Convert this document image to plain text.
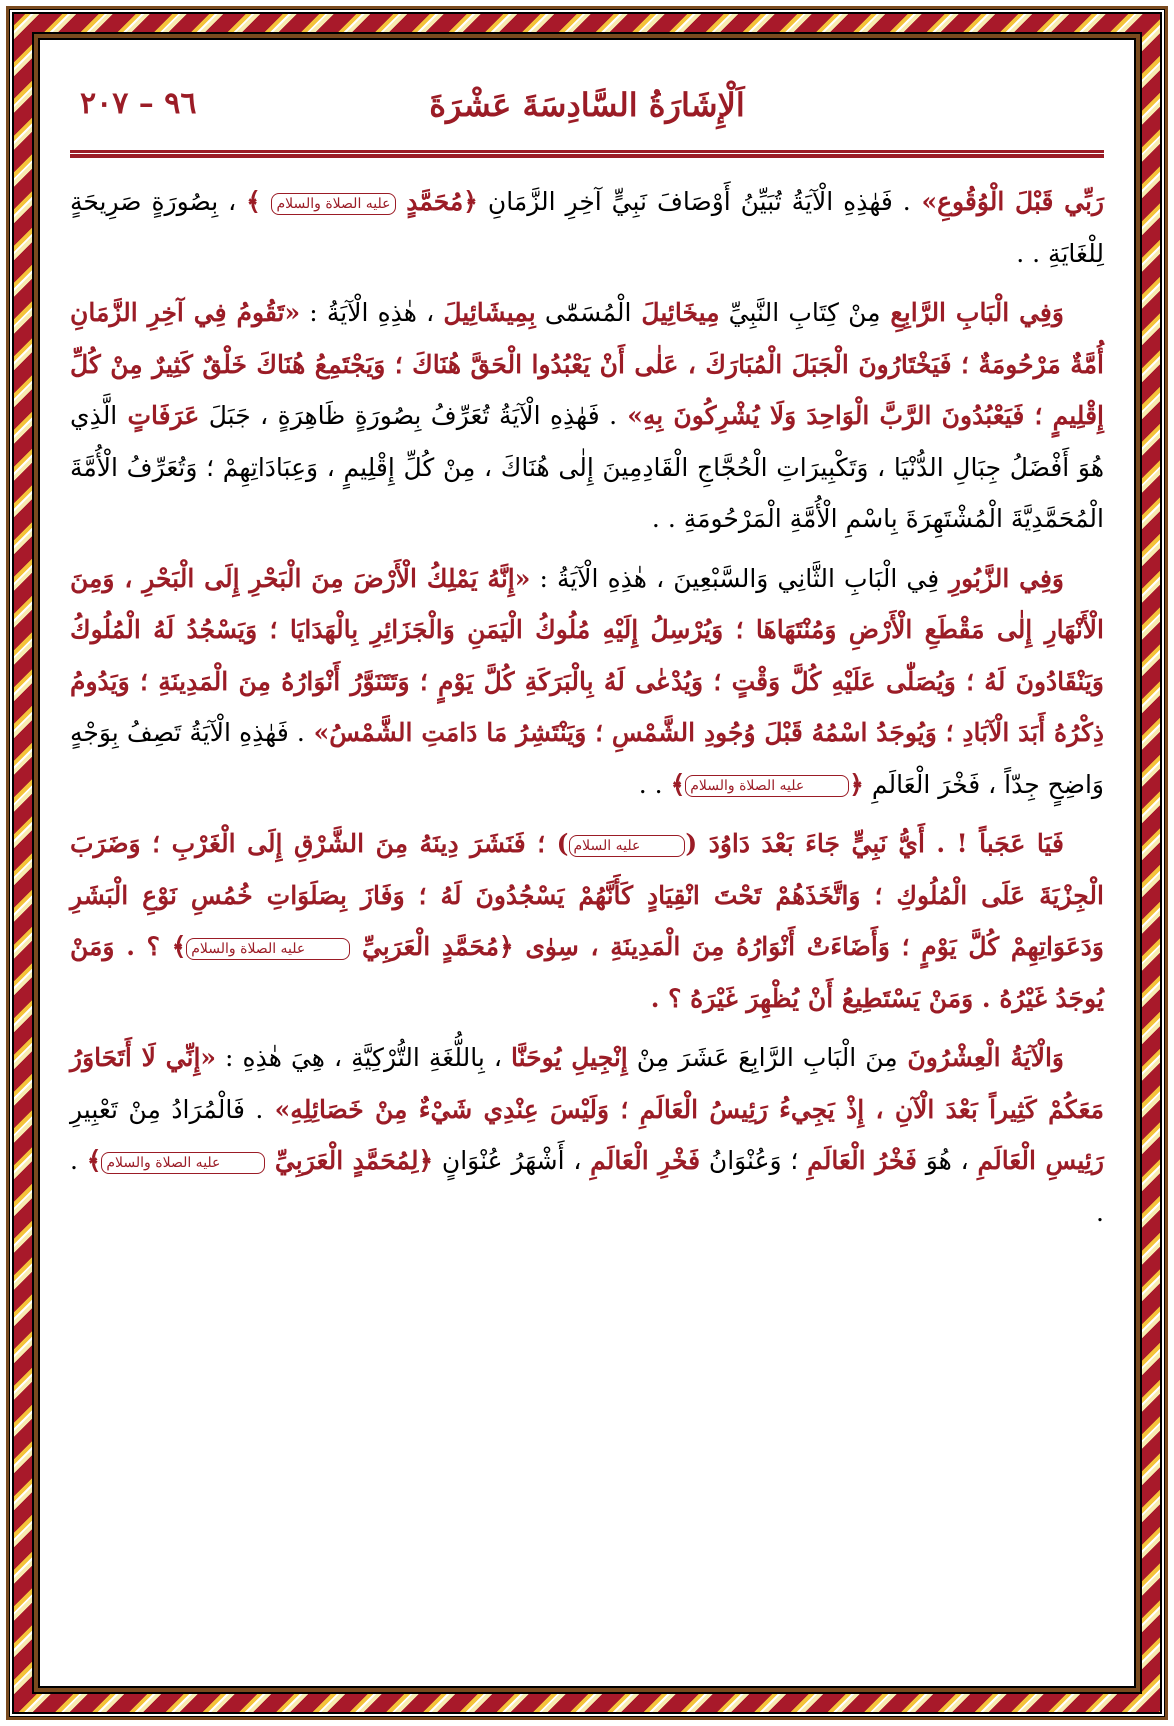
اَلْإِشَارَةُ السَّادِسَةَ عَشْرَةَ
٩٦ – ٢٠٧

رَبِّي قَبْلَ الْوُقُوعِ» . فَهٰذِهِ الْآيَةُ تُبَيِّنُ أَوْصَافَ نَبِيٍّ آخِرِ الزَّمَانِ ﴿مُحَمَّدٍ عليه الصلاة والسلام ﴾ ، بِصُورَةٍ صَرِيحَةٍ لِلْغَايَةِ . .

وَفِي الْبَابِ الرَّابِعِ مِنْ كِتَابِ النَّبِيِّ مِيخَائِيلَ الْمُسَمّٰى بِمِيشَائِيلَ ، هٰذِهِ الْآيَةُ : «تَقُومُ فِي آخِرِ الزَّمَانِ أُمَّةٌ مَرْحُومَةٌ ؛ فَيَخْتَارُونَ الْجَبَلَ الْمُبَارَكَ ، عَلٰى أَنْ يَعْبُدُوا الْحَقَّ هُنَاكَ ؛ وَيَجْتَمِعُ هُنَاكَ خَلْقٌ كَثِيرٌ مِنْ كُلِّ إِقْلِيمٍ ؛ فَيَعْبُدُونَ الرَّبَّ الْوَاحِدَ وَلَا يُشْرِكُونَ بِهِ» . فَهٰذِهِ الْآيَةُ تُعَرِّفُ بِصُورَةٍ ظَاهِرَةٍ ، جَبَلَ عَرَفَاتٍ الَّذِي هُوَ أَفْضَلُ جِبَالِ الدُّنْيَا ، وَتَكْبِيرَاتِ الْحُجَّاجِ الْقَادِمِينَ إِلٰى هُنَاكَ ، مِنْ كُلِّ إِقْلِيمٍ ، وَعِبَادَاتِهِمْ ؛ وَتُعَرِّفُ الْأُمَّةَ الْمُحَمَّدِيَّةَ الْمُشْتَهِرَةَ بِاسْمِ الْأُمَّةِ الْمَرْحُومَةِ . .

وَفِي الزَّبُورِ فِي الْبَابِ الثَّانِي وَالسَّبْعِينَ ، هٰذِهِ الْآيَةُ : «إِنَّهُ يَمْلِكُ الْأَرْضَ مِنَ الْبَحْرِ إِلَى الْبَحْرِ ، وَمِنَ الْأَنْهَارِ إِلٰى مَقْطَعِ الْأَرْضِ وَمُنْتَهَاهَا ؛ وَيُرْسِلُ إِلَيْهِ مُلُوكُ الْيَمَنِ وَالْجَزَائِرِ بِالْهَدَايَا ؛ وَيَسْجُدُ لَهُ الْمُلُوكُ وَيَنْقَادُونَ لَهُ ؛ وَيُصَلّٰى عَلَيْهِ كُلَّ وَقْتٍ ؛ وَيُدْعٰى لَهُ بِالْبَرَكَةِ كُلَّ يَوْمٍ ؛ وَتَتَنَوَّرُ أَنْوَارُهُ مِنَ الْمَدِينَةِ ؛ وَيَدُومُ ذِكْرُهُ أَبَدَ الْآبَادِ ؛ وَيُوجَدُ اسْمُهُ قَبْلَ وُجُودِ الشَّمْسِ ؛ وَيَنْتَشِرُ مَا دَامَتِ الشَّمْسُ» . فَهٰذِهِ الْآيَةُ تَصِفُ بِوَجْهٍ وَاضِحٍ جِدّاً ، فَخْرَ الْعَالَمِ ﴿عليه الصلاة والسلام﴾ . .

فَيَا عَجَباً ! . أَيُّ نَبِيٍّ جَاءَ بَعْدَ دَاوُدَ (عليه السلام) ؛ فَنَشَرَ دِينَهُ مِنَ الشَّرْقِ إِلَى الْغَرْبِ ؛ وَضَرَبَ الْجِزْيَةَ عَلَى الْمُلُوكِ ؛ وَاتَّخَذَهُمْ تَحْتَ انْقِيَادٍ كَأَنَّهُمْ يَسْجُدُونَ لَهُ ؛ وَفَازَ بِصَلَوَاتِ خُمُسِ نَوْعِ الْبَشَرِ وَدَعَوَاتِهِمْ كُلَّ يَوْمٍ ؛ وَأَضَاءَتْ أَنْوَارُهُ مِنَ الْمَدِينَةِ ، سِوٰى ﴿مُحَمَّدٍ الْعَرَبِيِّ عليه الصلاة والسلام﴾ ؟ . وَمَنْ يُوجَدُ غَيْرُهُ . وَمَنْ يَسْتَطِيعُ أَنْ يُظْهِرَ غَيْرَهُ ؟ .

وَالْآيَةُ الْعِشْرُونَ مِنَ الْبَابِ الرَّابِعَ عَشَرَ مِنْ إِنْجِيلِ يُوحَنَّا ، بِاللُّغَةِ التُّرْكِيَّةِ ، هِيَ هٰذِهِ : «إِنِّي لَا أَتَحَاوَرُ مَعَكُمْ كَثِيراً بَعْدَ الْآنِ ، إِذْ يَجِيءُ رَئِيسُ الْعَالَمِ ؛ وَلَيْسَ عِنْدِي شَيْءٌ مِنْ خَصَائِلِهِ» . فَالْمُرَادُ مِنْ تَعْبِيرِ رَئِيسِ الْعَالَمِ ، هُوَ فَخْرُ الْعَالَمِ ؛ وَعُنْوَانُ فَخْرِ الْعَالَمِ ، أَشْهَرُ عُنْوَانٍ ﴿لِمُحَمَّدٍ الْعَرَبِيِّ عليه الصلاة والسلام﴾ . .
